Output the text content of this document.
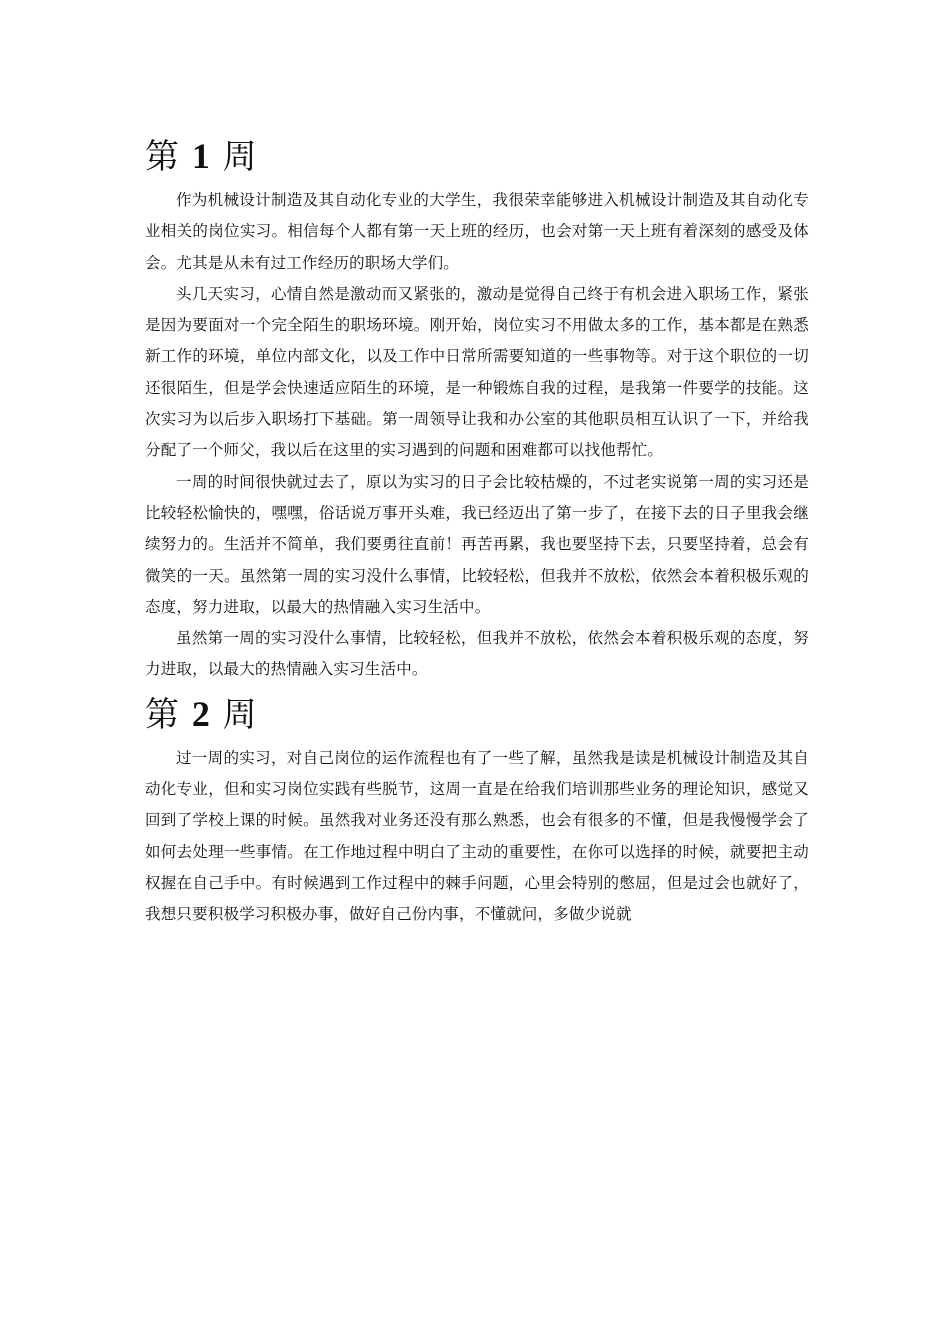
第 1 周

作为机械设计制造及其自动化专业的大学生，我很荣幸能够进入机械设计制造及其自动化专业相关的岗位实习。相信每个人都有第一天上班的经历，也会对第一天上班有着深刻的感受及体会。尤其是从未有过工作经历的职场大学们。

头几天实习，心情自然是激动而又紧张的，激动是觉得自己终于有机会进入职场工作，紧张是因为要面对一个完全陌生的职场环境。刚开始，岗位实习不用做太多的工作，基本都是在熟悉新工作的环境，单位内部文化，以及工作中日常所需要知道的一些事物等。对于这个职位的一切还很陌生，但是学会快速适应陌生的环境，是一种锻炼自我的过程，是我第一件要学的技能。这次实习为以后步入职场打下基础。第一周领导让我和办公室的其他职员相互认识了一下，并给我分配了一个师父，我以后在这里的实习遇到的问题和困难都可以找他帮忙。

一周的时间很快就过去了，原以为实习的日子会比较枯燥的，不过老实说第一周的实习还是比较轻松愉快的，嘿嘿，俗话说万事开头难，我已经迈出了第一步了，在接下去的日子里我会继续努力的。生活并不简单，我们要勇往直前！再苦再累，我也要坚持下去，只要坚持着，总会有微笑的一天。虽然第一周的实习没什么事情，比较轻松，但我并不放松，依然会本着积极乐观的态度，努力进取，以最大的热情融入实习生活中。

虽然第一周的实习没什么事情，比较轻松，但我并不放松，依然会本着积极乐观的态度，努力进取，以最大的热情融入实习生活中。

第 2 周

过一周的实习，对自己岗位的运作流程也有了一些了解，虽然我是读是机械设计制造及其自动化专业，但和实习岗位实践有些脱节，这周一直是在给我们培训那些业务的理论知识，感觉又回到了学校上课的时候。虽然我对业务还没有那么熟悉，也会有很多的不懂，但是我慢慢学会了如何去处理一些事情。在工作地过程中明白了主动的重要性，在你可以选择的时候，就要把主动权握在自己手中。有时候遇到工作过程中的棘手问题，心里会特别的憋屈，但是过会也就好了，我想只要积极学习积极办事，做好自己份内事，不懂就问，多做少说就
